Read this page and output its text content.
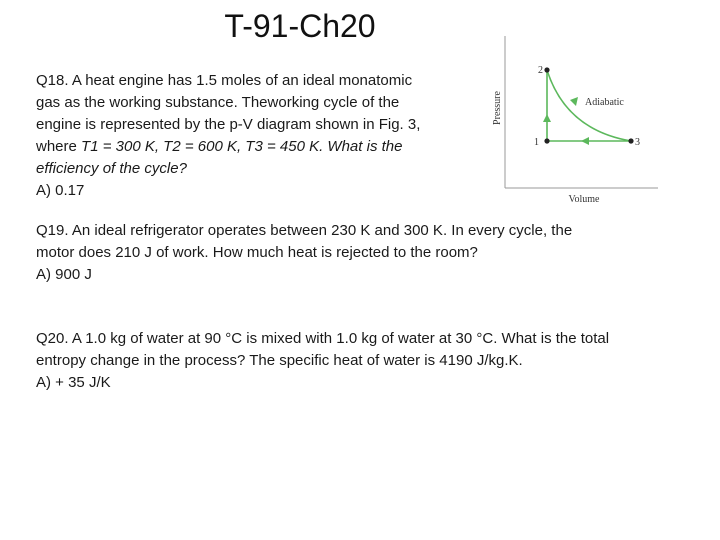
T-91-Ch20

Q18. A heat engine has 1.5 moles of an ideal monatomic

gas as the working substance. Theworking cycle of the

engine is represented by the p-V diagram shown in Fig. 3,

where T1 = 300 K, T2 = 600 K, T3 = 450 K. What is the

efficiency of the cycle?

A) 0.17

Pressure
Volume
2
1	3
Adiabatic

Q19. An ideal refrigerator operates between 230 K and 300 K. In every cycle, the

motor does 210 J of work. How much heat is rejected to the room?

A) 900 J

Q20. A 1.0 kg of water at 90 °C is mixed with 1.0 kg of water at 30 °C. What is the total

entropy change in the process? The specific heat of water is 4190 J/kg.K.

A) + 35 J/K
